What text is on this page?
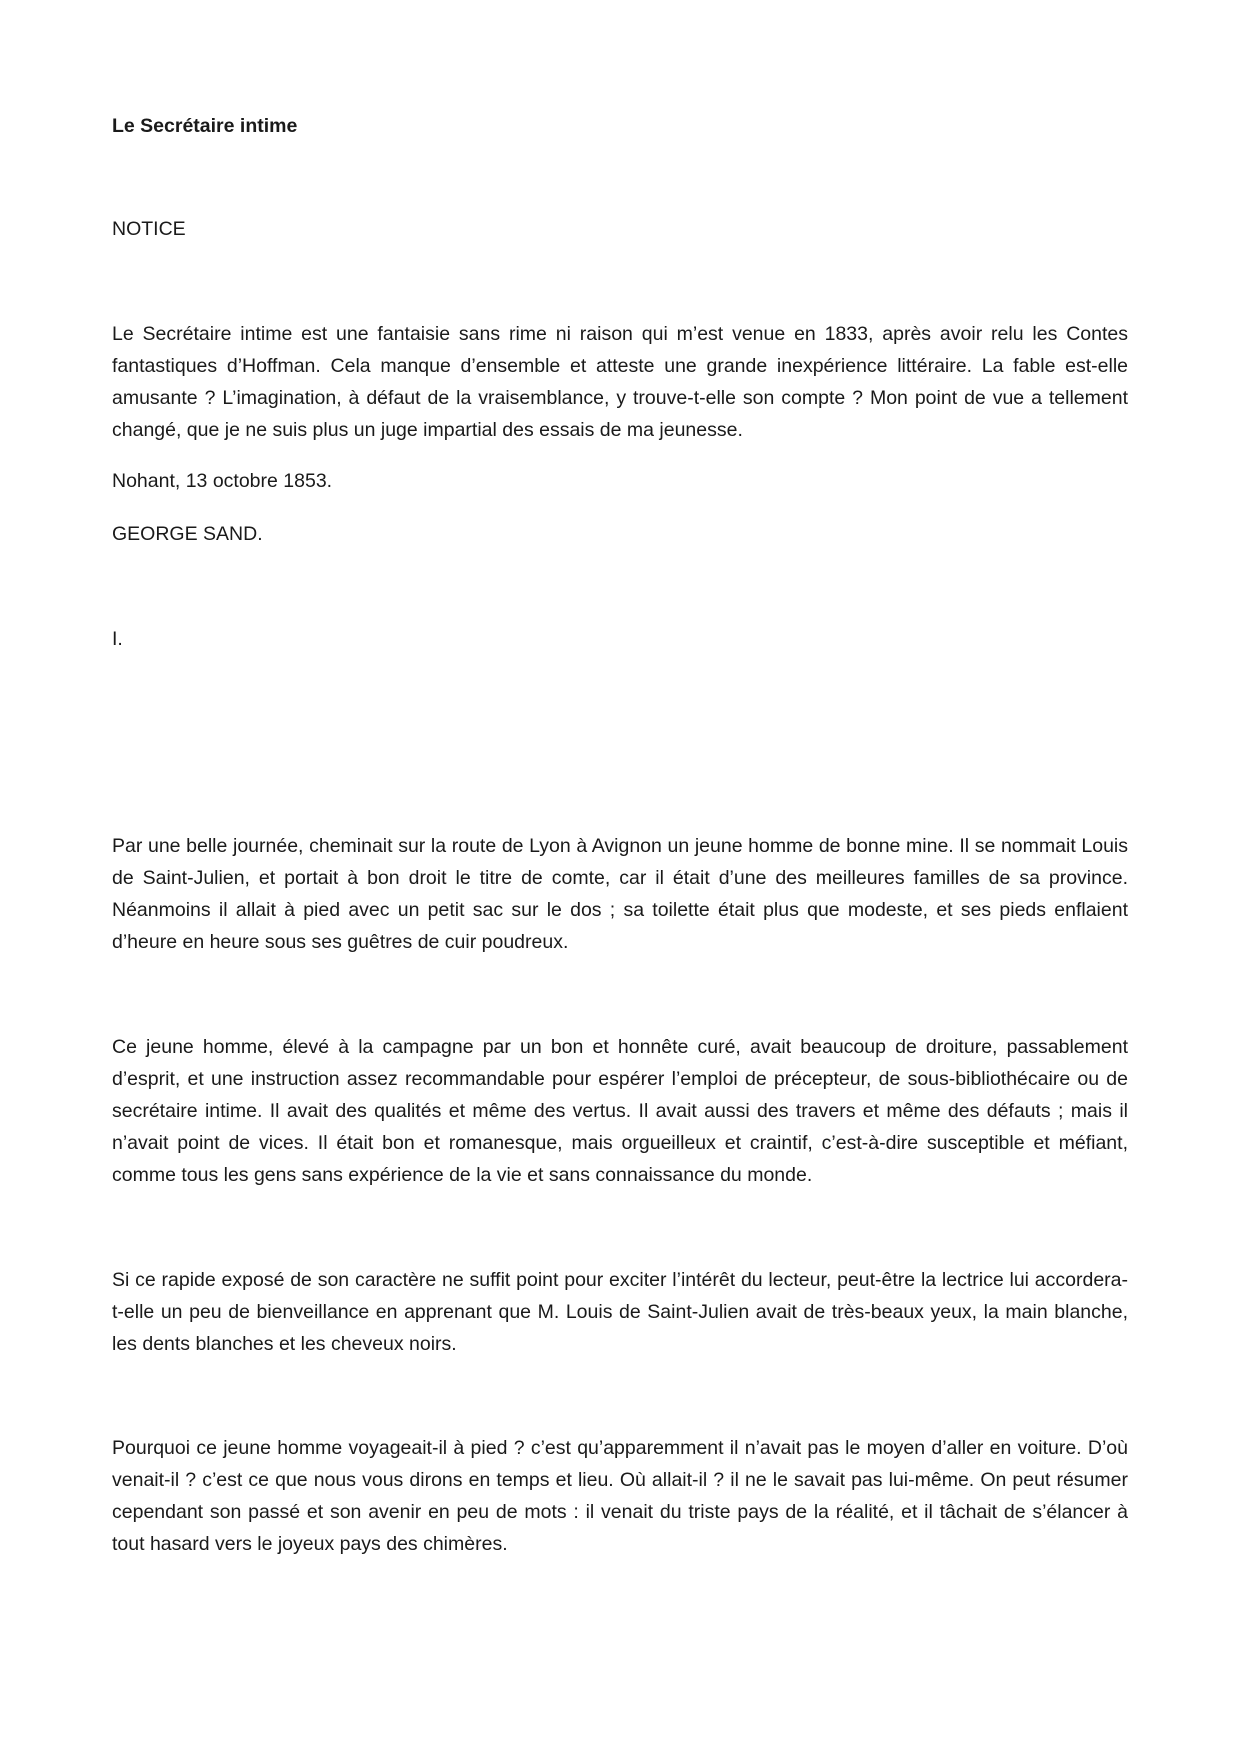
Le Secrétaire intime

NOTICE

Le Secrétaire intime est une fantaisie sans rime ni raison qui m’est venue en 1833, après avoir relu les Contes fantastiques d’Hoffman. Cela manque d’ensemble et atteste une grande inexpérience littéraire. La fable est-elle amusante ? L’imagination, à défaut de la vraisemblance, y trouve-t-elle son compte ? Mon point de vue a tellement changé, que je ne suis plus un juge impartial des essais de ma jeunesse.

Nohant, 13 octobre 1853.

GEORGE SAND.

I.

Par une belle journée, cheminait sur la route de Lyon à Avignon un jeune homme de bonne mine. Il se nommait Louis de Saint-Julien, et portait à bon droit le titre de comte, car il était d’une des meilleures familles de sa province. Néanmoins il allait à pied avec un petit sac sur le dos ; sa toilette était plus que modeste, et ses pieds enflaient d’heure en heure sous ses guêtres de cuir poudreux.

Ce jeune homme, élevé à la campagne par un bon et honnête curé, avait beaucoup de droiture, passablement d’esprit, et une instruction assez recommandable pour espérer l’emploi de précepteur, de sous-bibliothécaire ou de secrétaire intime. Il avait des qualités et même des vertus. Il avait aussi des travers et même des défauts ; mais il n’avait point de vices. Il était bon et romanesque, mais orgueilleux et craintif, c’est-à-dire susceptible et méfiant, comme tous les gens sans expérience de la vie et sans connaissance du monde.

Si ce rapide exposé de son caractère ne suffit point pour exciter l’intérêt du lecteur, peut-être la lectrice lui accordera-t-elle un peu de bienveillance en apprenant que M. Louis de Saint-Julien avait de très-beaux yeux, la main blanche, les dents blanches et les cheveux noirs.

Pourquoi ce jeune homme voyageait-il à pied ? c’est qu’apparemment il n’avait pas le moyen d’aller en voiture. D’où venait-il ? c’est ce que nous vous dirons en temps et lieu. Où allait-il ? il ne le savait pas lui-même. On peut résumer cependant son passé et son avenir en peu de mots : il venait du triste pays de la réalité, et il tâchait de s’élancer à tout hasard vers le joyeux pays des chimères.
